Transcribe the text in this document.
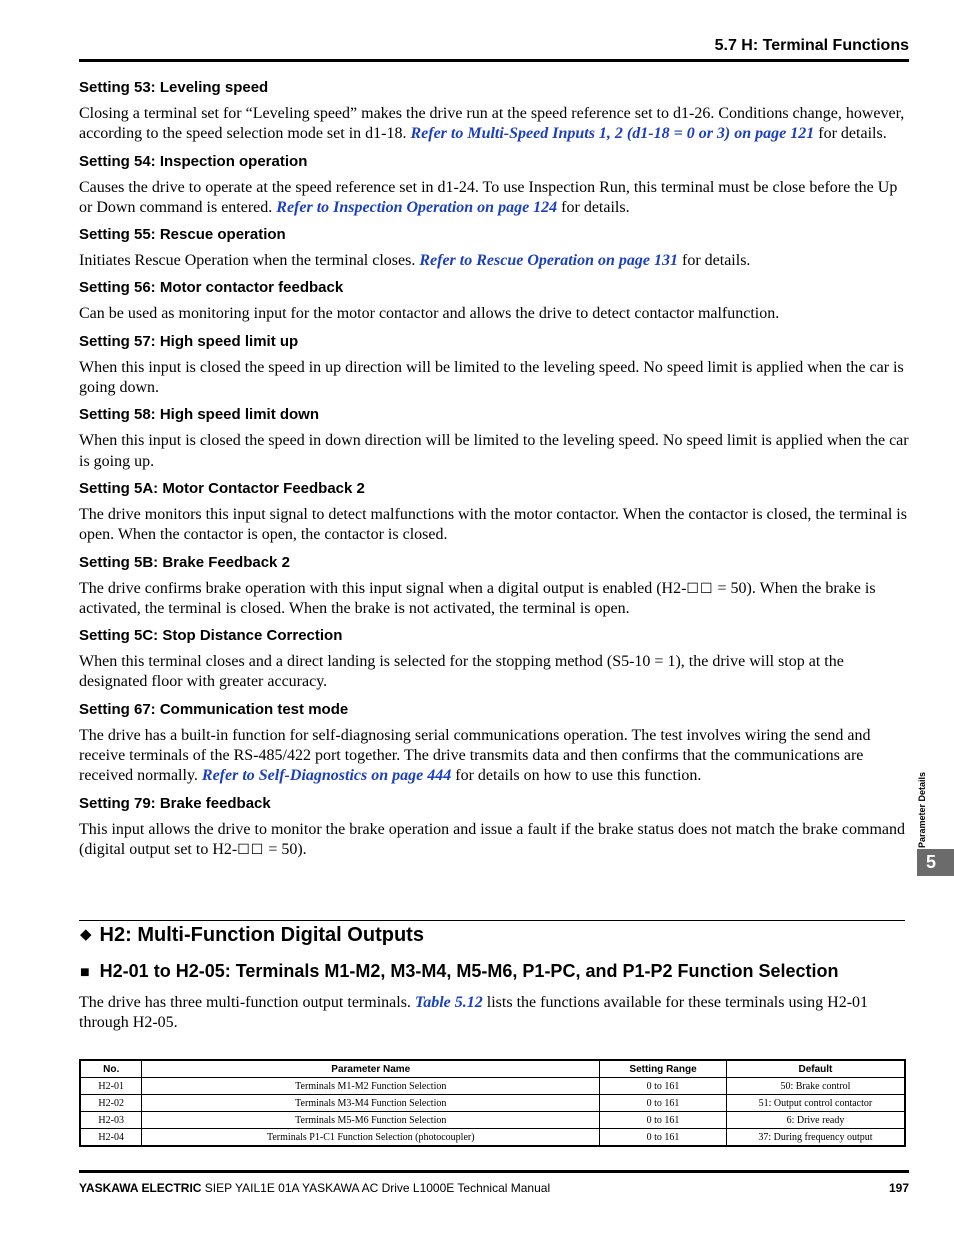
5.7 H: Terminal Functions
Setting 53: Leveling speed

Closing a terminal set for “Leveling speed” makes the drive run at the speed reference set to d1-26. Conditions change, however, according to the speed selection mode set in d1-18. Refer to Multi-Speed Inputs 1, 2 (d1-18 = 0 or 3) on page 121 for details.

Setting 54: Inspection operation

Causes the drive to operate at the speed reference set in d1-24. To use Inspection Run, this terminal must be close before the Up or Down command is entered. Refer to Inspection Operation on page 124 for details.

Setting 55: Rescue operation

Initiates Rescue Operation when the terminal closes. Refer to Rescue Operation on page 131 for details.

Setting 56: Motor contactor feedback

Can be used as monitoring input for the motor contactor and allows the drive to detect contactor malfunction.

Setting 57: High speed limit up

When this input is closed the speed in up direction will be limited to the leveling speed. No speed limit is applied when the car is going down.

Setting 58: High speed limit down

When this input is closed the speed in down direction will be limited to the leveling speed. No speed limit is applied when the car is going up.

Setting 5A: Motor Contactor Feedback 2

The drive monitors this input signal to detect malfunctions with the motor contactor. When the contactor is closed, the terminal is open. When the contactor is open, the contactor is closed.

Setting 5B: Brake Feedback 2

The drive confirms brake operation with this input signal when a digital output is enabled (H2-☐☐ = 50). When the brake is activated, the terminal is closed. When the brake is not activated, the terminal is open.

Setting 5C: Stop Distance Correction

When this terminal closes and a direct landing is selected for the stopping method (S5-10 = 1), the drive will stop at the designated floor with greater accuracy.

Setting 67: Communication test mode

The drive has a built-in function for self-diagnosing serial communications operation. The test involves wiring the send and receive terminals of the RS-485/422 port together. The drive transmits data and then confirms that the communications are received normally. Refer to Self-Diagnostics on page 444 for details on how to use this function.

Setting 79: Brake feedback

This input allows the drive to monitor the brake operation and issue a fault if the brake status does not match the brake command (digital output set to H2-☐☐ = 50).

◆ H2: Multi-Function Digital Outputs
■ H2-01 to H2-05: Terminals M1-M2, M3-M4, M5-M6, P1-PC, and P1-P2 Function Selection

The drive has three multi-function output terminals. Table 5.12 lists the functions available for these terminals using H2-01 through H2-05.

No.	Parameter Name	Setting Range	Default
H2-01	Terminals M1-M2 Function Selection	0 to 161	50: Brake control
H2-02	Terminals M3-M4 Function Selection	0 to 161	51: Output control contactor
H2-03	Terminals M5-M6 Function Selection	0 to 161	6: Drive ready
H2-04	Terminals P1-C1 Function Selection (photocoupler)	0 to 161	37: During frequency output
Parameter Details
5
YASKAWA ELECTRIC SIEP YAIL1E 01A YASKAWA AC Drive L1000E Technical Manual	197
